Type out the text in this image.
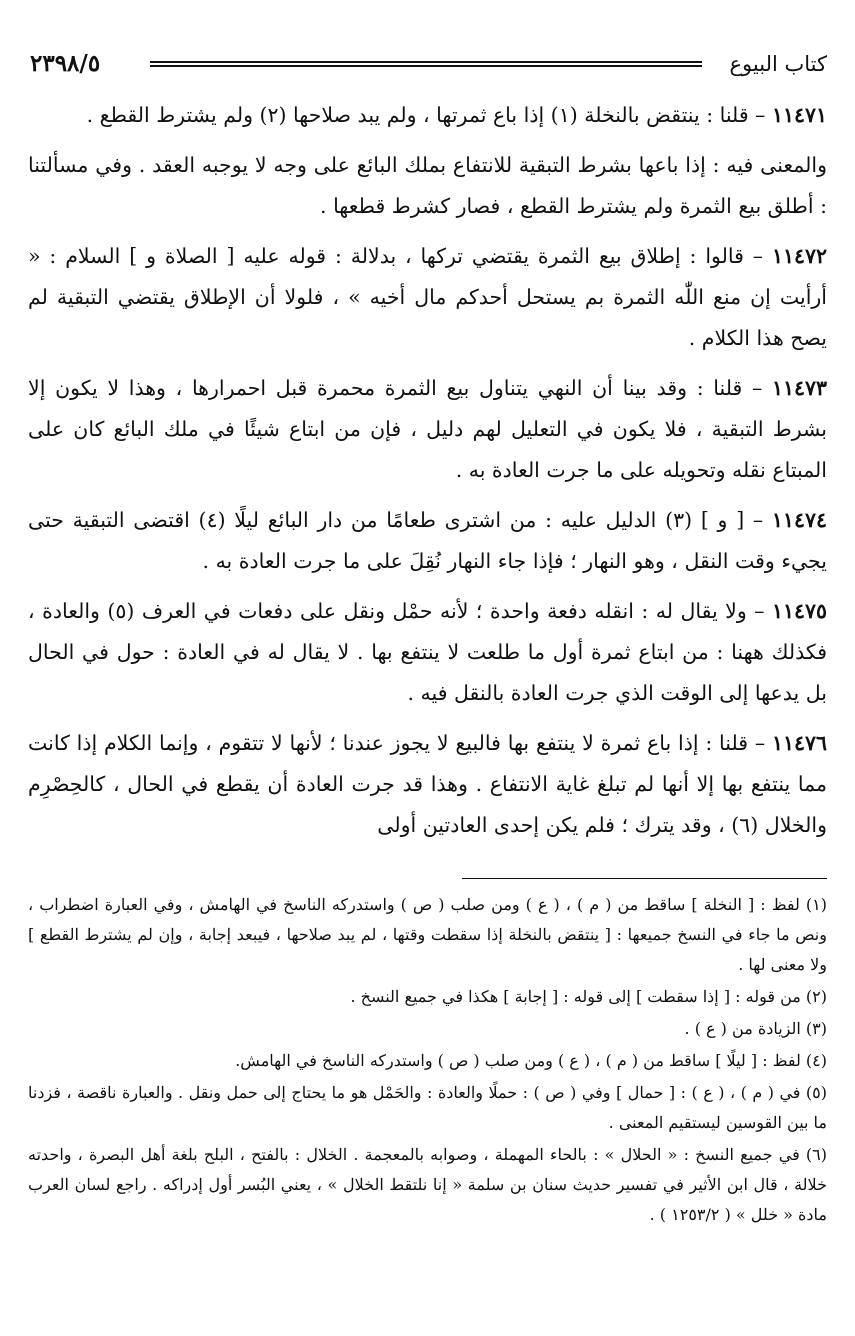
كتاب البيوع
٢٣٩٨/٥

١١٤٧١ – قلنا : ينتقض بالنخلة (١) إذا باع ثمرتها ، ولم يبد صلاحها (٢) ولم يشترط القطع .

والمعنى فيه : إذا باعها بشرط التبقية للانتفاع بملك البائع على وجه لا يوجبه العقد . وفي مسألتنا : أطلق بيع الثمرة ولم يشترط القطع ، فصار كشرط قطعها .

١١٤٧٢ – قالوا : إطلاق بيع الثمرة يقتضي تركها ، بدلالة : قوله عليه [ الصلاة و ] السلام : « أرأيت إن منع اللّٰه الثمرة بم يستحل أحدكم مال أخيه » ، فلولا أن الإطلاق يقتضي التبقية لم يصح هذا الكلام .

١١٤٧٣ – قلنا : وقد بينا أن النهي يتناول بيع الثمرة محمرة قبل احمرارها ، وهذا لا يكون إلا بشرط التبقية ، فلا يكون في التعليل لهم دليل ، فإن من ابتاع شيئًا في ملك البائع كان على المبتاع نقله وتحويله على ما جرت العادة به .

١١٤٧٤ – [ و ] (٣) الدليل عليه : من اشترى طعامًا من دار البائع ليلًا (٤) اقتضى التبقية حتى يجيء وقت النقل ، وهو النهار ؛ فإذا جاء النهار نُقِلَ على ما جرت العادة به .

١١٤٧٥ – ولا يقال له : انقله دفعة واحدة ؛ لأنه حمْل ونقل على دفعات في العرف (٥) والعادة ، فكذلك ههنا : من ابتاع ثمرة أول ما طلعت لا ينتفع بها . لا يقال له في العادة : حول في الحال بل يدعها إلى الوقت الذي جرت العادة بالنقل فيه .

١١٤٧٦ – قلنا : إذا باع ثمرة لا ينتفع بها فالبيع لا يجوز عندنا ؛ لأنها لا تتقوم ، وإنما الكلام إذا كانت مما ينتفع بها إلا أنها لم تبلغ غاية الانتفاع . وهذا قد جرت العادة أن يقطع في الحال ، كالحِصْرِم والخلال (٦) ، وقد يترك ؛ فلم يكن إحدى العادتين أولى

(١) لفظ : [ النخلة ] ساقط من ( م ) ، ( ع ) ومن صلب ( ص ) واستدركه الناسخ في الهامش ، وفي العبارة اضطراب ، ونص ما جاء في النسخ جميعها : [ ينتقض بالنخلة إذا سقطت وقتها ، لم يبد صلاحها ، فيبعد إجابة ، وإن لم يشترط القطع ] ولا معنى لها .

(٢) من قوله : [ إذا سقطت ] إلى قوله : [ إجابة ] هكذا في جميع النسخ .

(٣) الزيادة من ( ع ) .

(٤) لفظ : [ ليلًا ] ساقط من ( م ) ، ( ع ) ومن صلب ( ص ) واستدركه الناسخ في الهامش.

(٥) في ( م ) ، ( ع ) : [ حمال ] وفي ( ص ) : حملًا والعادة : والحَمْل هو ما يحتاج إلى حمل ونقل . والعبارة ناقصة ، فزدنا ما بين القوسين ليستقيم المعنى .

(٦) في جميع النسخ : « الحلال » : بالحاء المهملة ، وصوابه بالمعجمة . الخلال : بالفتح ، البلح بلغة أهل البصرة ، واحدته خلالة ، قال ابن الأثير في تفسير حديث سنان بن سلمة « إنا نلتقط الخلال » ، يعني البُسر أول إدراكه . راجع لسان العرب مادة « خلل » ( ١٢٥٣/٢ ) .
